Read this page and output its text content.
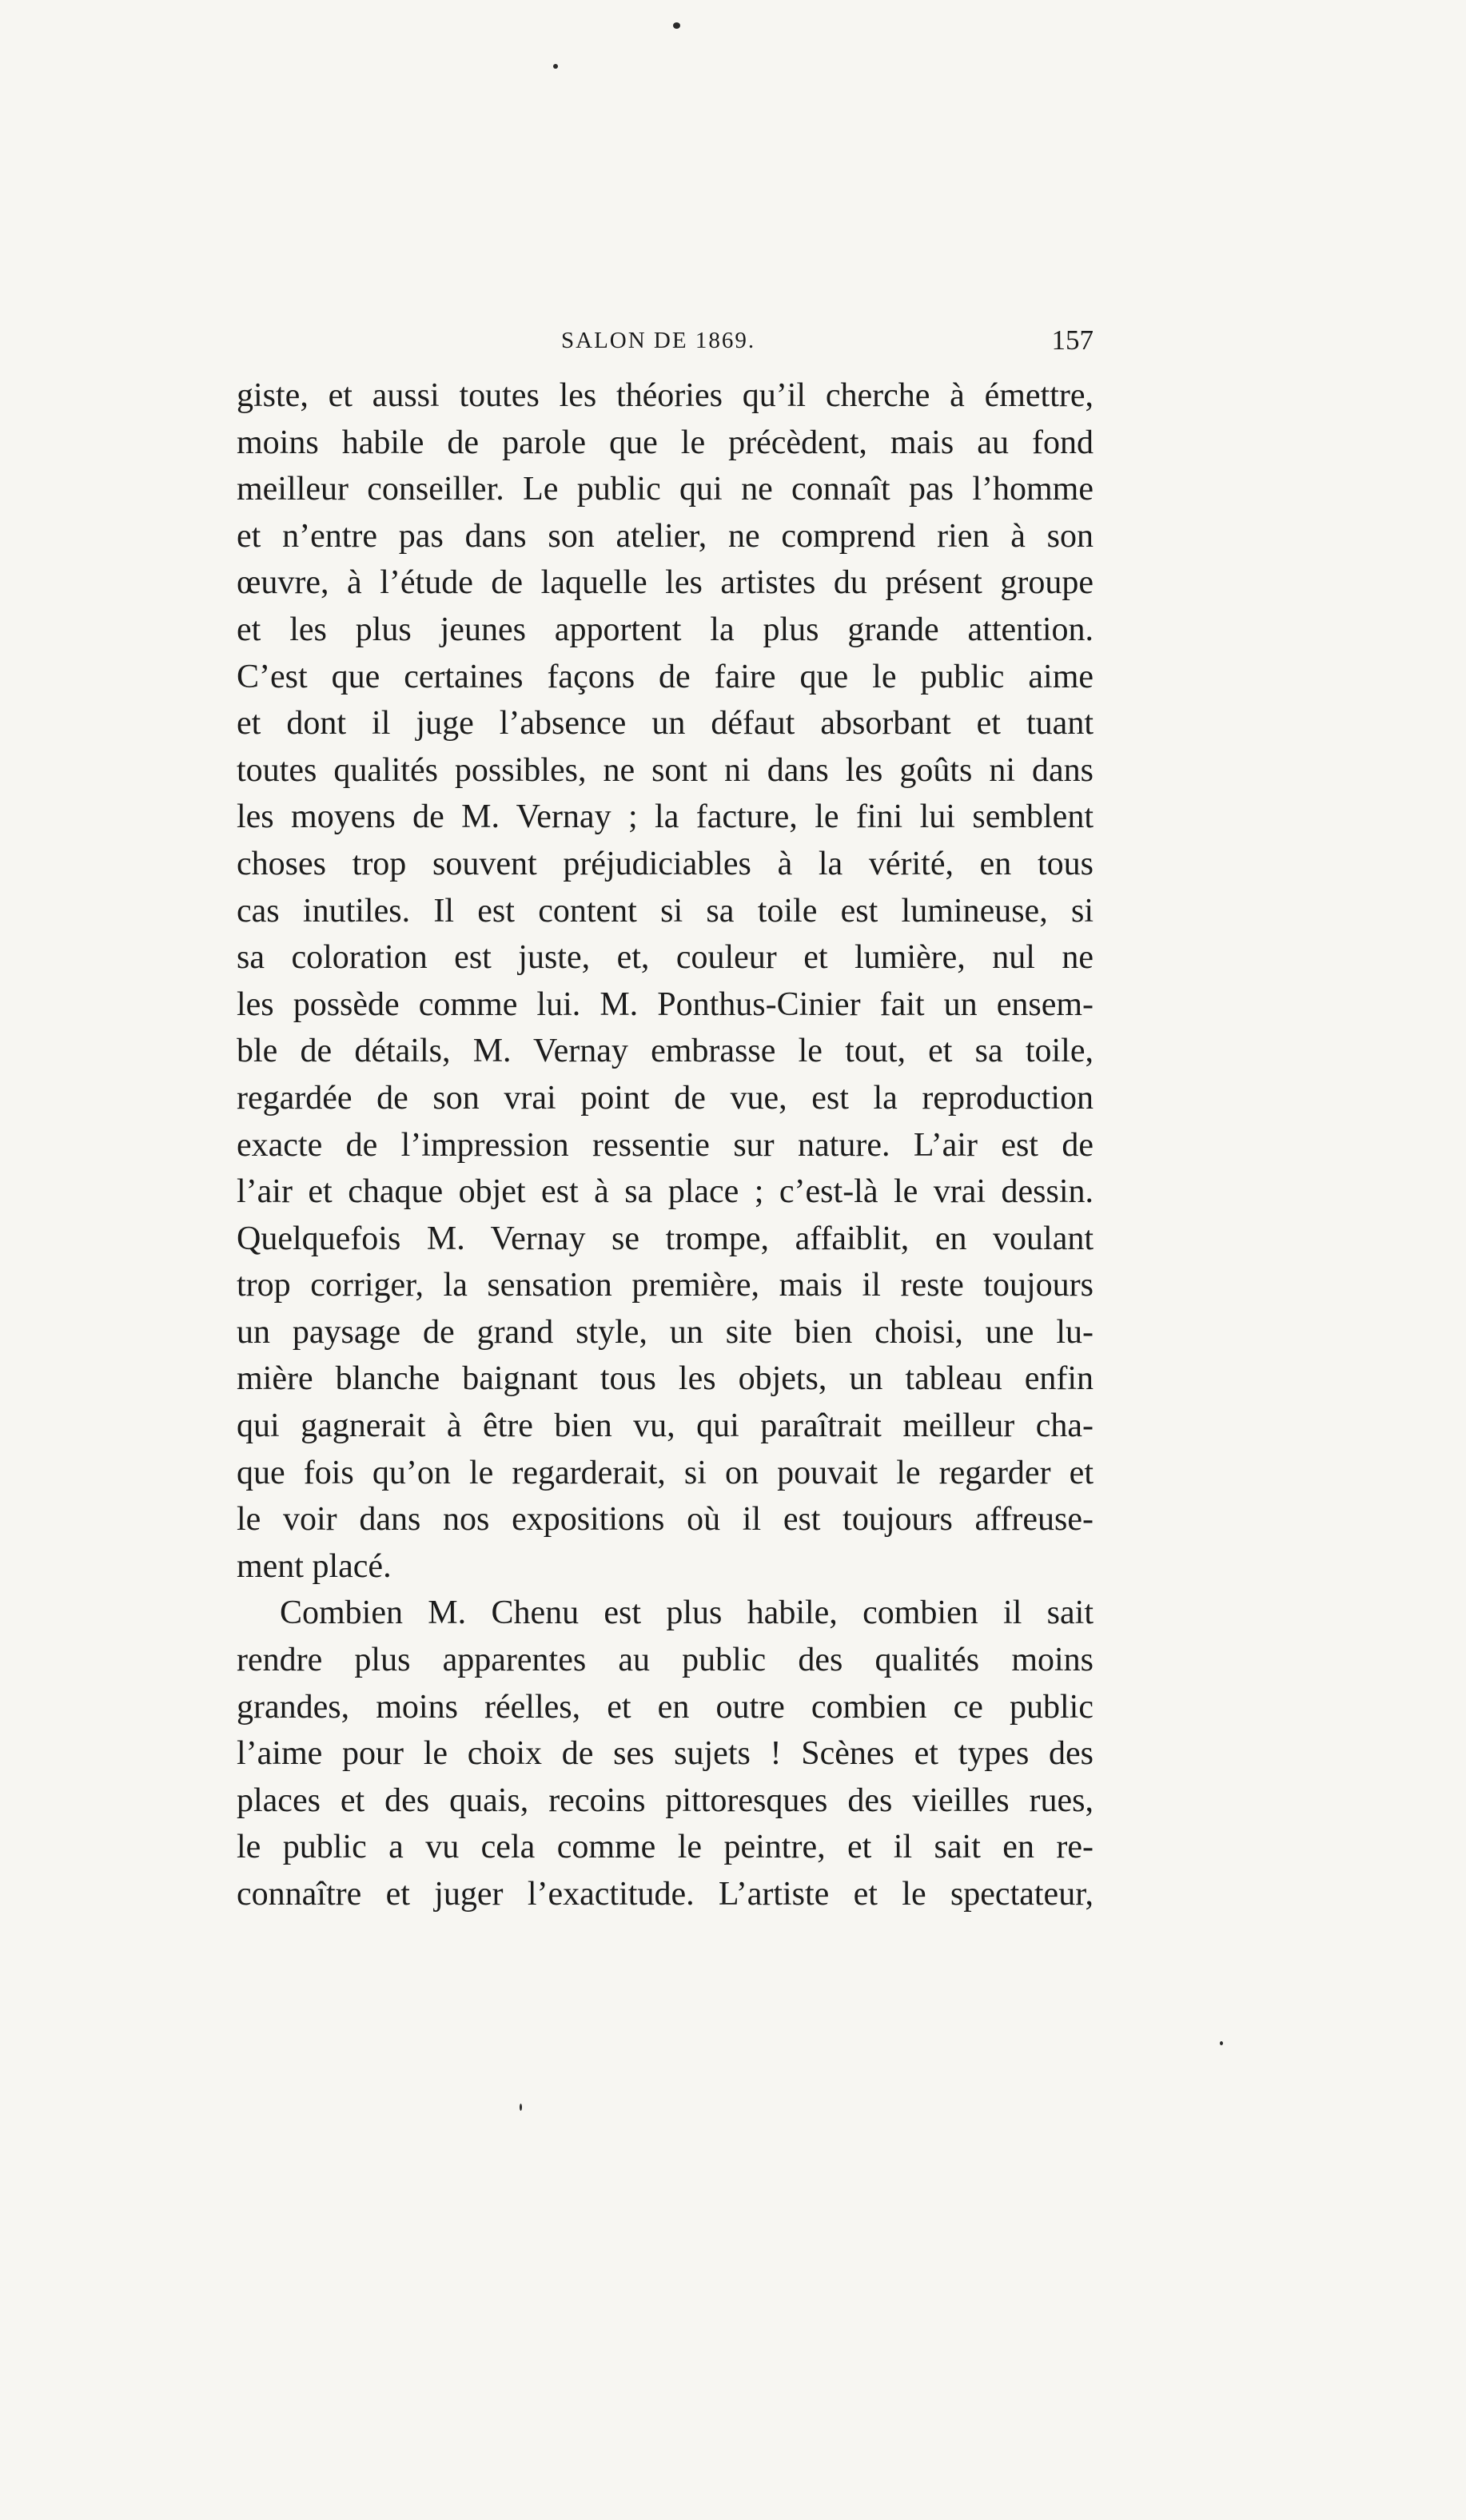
SALON DE 1869.	157
giste, et aussi toutes les théories qu’il cherche à émettre,
moins habile de parole que le précèdent, mais au fond
meilleur conseiller. Le public qui ne connaît pas l’homme
et n’entre pas dans son atelier, ne comprend rien à son
œuvre, à l’étude de laquelle les artistes du présent groupe
et les plus jeunes apportent la plus grande attention.
C’est que certaines façons de faire que le public aime
et dont il juge l’absence un défaut absorbant et tuant
toutes qualités possibles, ne sont ni dans les goûts ni dans
les moyens de M. Vernay ; la facture, le fini lui semblent
choses trop souvent préjudiciables à la vérité, en tous
cas inutiles. Il est content si sa toile est lumineuse, si
sa coloration est juste, et, couleur et lumière, nul ne
les possède comme lui. M. Ponthus-Cinier fait un ensem-
ble de détails, M. Vernay embrasse le tout, et sa toile,
regardée de son vrai point de vue, est la reproduction
exacte de l’impression ressentie sur nature. L’air est de
l’air et chaque objet est à sa place ; c’est-là le vrai dessin.
Quelquefois M. Vernay se trompe, affaiblit, en voulant
trop corriger, la sensation première, mais il reste toujours
un paysage de grand style, un site bien choisi, une lu-
mière blanche baignant tous les objets, un tableau enfin
qui gagnerait à être bien vu, qui paraîtrait meilleur cha-
que fois qu’on le regarderait, si on pouvait le regarder et
le voir dans nos expositions où il est toujours affreuse-
ment placé.
Combien M. Chenu est plus habile, combien il sait
rendre plus apparentes au public des qualités moins
grandes, moins réelles, et en outre combien ce public
l’aime pour le choix de ses sujets ! Scènes et types des
places et des quais, recoins pittoresques des vieilles rues,
le public a vu cela comme le peintre, et il sait en re-
connaître et juger l’exactitude. L’artiste et le spectateur,
